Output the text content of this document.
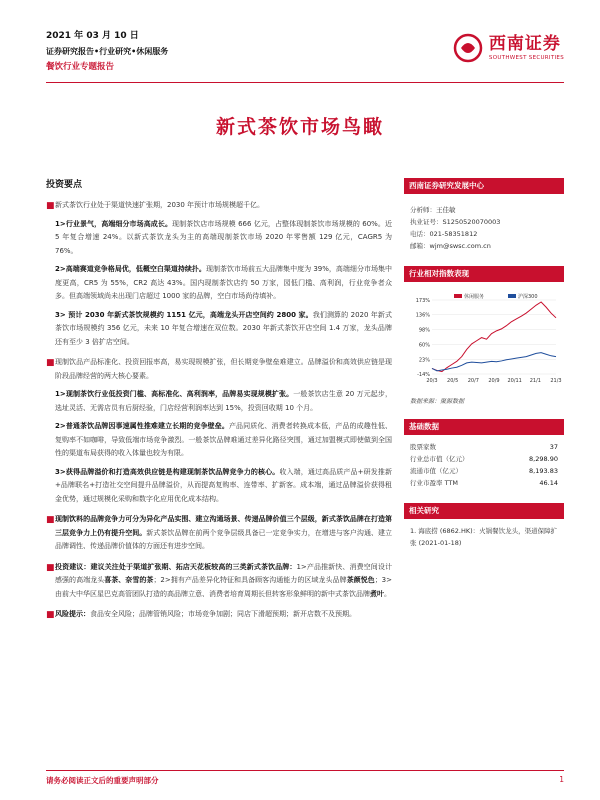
2021 年 03 月 10 日
证券研究报告•行业研究•休闲服务
餐饮行业专题报告
西南证券
SOUTHWEST SECURITIES
新式茶饮市场鸟瞰
投资要点
■ 新式茶饮行业处于渠道快速扩张期，2030 年预计市场规模超千亿。
1>行业景气，高端细分市场高成长。现制茶饮店市场规模 666 亿元，占整体现制茶饮市场规模的 60%。近 5 年复合增速 24%。以新式茶饮龙头为主的高端现制茶饮市场 2020 年零售额 129 亿元，CAGR5 为 76%。
2>高端赛道竞争格局优，低概空白渠道持续扑。现制茶饮市场前五大品牌集中度为 39%，高端细分市场集中度更高，CR5 为 55%，CR2 高达 43%。国内现制茶饮店约 50 万家，园低门槛、高利润，行业竞争者众多。但高端领域尚未出现门店超过 1000 家的品牌，空白市场尚待填补。
3> 预计 2030 年新式茶饮规模约 1151 亿元，高端龙头开店空间约 2800 家。我们测算的 2020 年新式茶饮市场规模约 356 亿元，未来 10 年复合增速在双位数。2030 年新式茶饮开店空间 1.4 万家，龙头品牌还有至少 3 倍扩店空间。
■ 现制饮品产品标准化、投资回报率高，易实现规模扩张，但长期竞争壁垒难建立。品牌溢价和高效供应链是现阶段品牌经营的两大核心要素。
1>现制茶饮行业低投资门槛、高标准化、高利润率，品牌易实现规模扩张。一般茶饮店生意 20 万元起步，选址灵活、无需店员有后厨经验，门店经营利润率达到 15%，投资回收期 10 个月。
2>普通茶饮品牌因事速属性推难建立长期的竞争壁垒。产品同质化、消费者转换成本低，产品的成趣性低、复购率不如咖啡，导致低端市场竞争激烈。一般茶饮品牌难通过差异化路径突围，通过加盟模式即使做到全国性的渠道布局获得的收入体量也较为有限。
3>获得品牌溢价和打造高效供应链是构建现制茶饮品牌竞争力的核心。收入端，通过高品质产品+研发推新+品牌联名+打造社交空间提升品牌溢价，从而提高复购率、连带率、扩新客。成本端，通过品牌溢价获得租金优势，通过规模化采购和数字化应用优化成本结构。
■ 现制饮料的品牌竞争力可分为异化产品实围、建立沟通场景、传递品牌价值三个层级，新式茶饮品牌在打造第三层竞争力上仍有提升空间。新式茶饮品牌在前两个竞争层级具备已一定竞争实力，在增进与客户沟通、建立品牌调性、传递品牌价值体的方面还有进步空间。
■ 投资建议：建议关注处于渠道扩张期、拓店天花板较高的三类新式茶饮品牌：1>产品推新快、消费空间设计感强的高端龙头喜茶、奈雪的茶；2>拥有产品差异化特征和具备顾客沟通能力的区域龙头品牌茶颜悦色；3>由前大中华区星巴克高管团队打造的高品牌立意、消费者培育周期长但转客形象鲜明的新中式茶饮品牌煮叶。
■ 风险提示：食品安全风险；品牌管销风险；市场竞争加剧；同店下滑超预期；新开店数不及预期。
西南证券研究发展中心
分析师：王佳敏
执业证号：S1250520070003
电话：021-58351812
邮箱：wjm@swsc.com.cn
行业相对指数表现
173%
136%
98%
60%
23%
-14%
20/3 20/5 20/7 20/9 20/11 21/1 21/3
休闲服务	沪深300
数据来源：聚源数据
基础数据
股票家数	37
行业总市值（亿元）	8,298.90
流通市值（亿元）	8,193.83
行业市盈率 TTM	46.14
相关研究
1. 海底捞 (6862.HK)：火锅餐饮龙头，渠道保障扩张 (2021-01-18)
请务必阅读正文后的重要声明部分	1
